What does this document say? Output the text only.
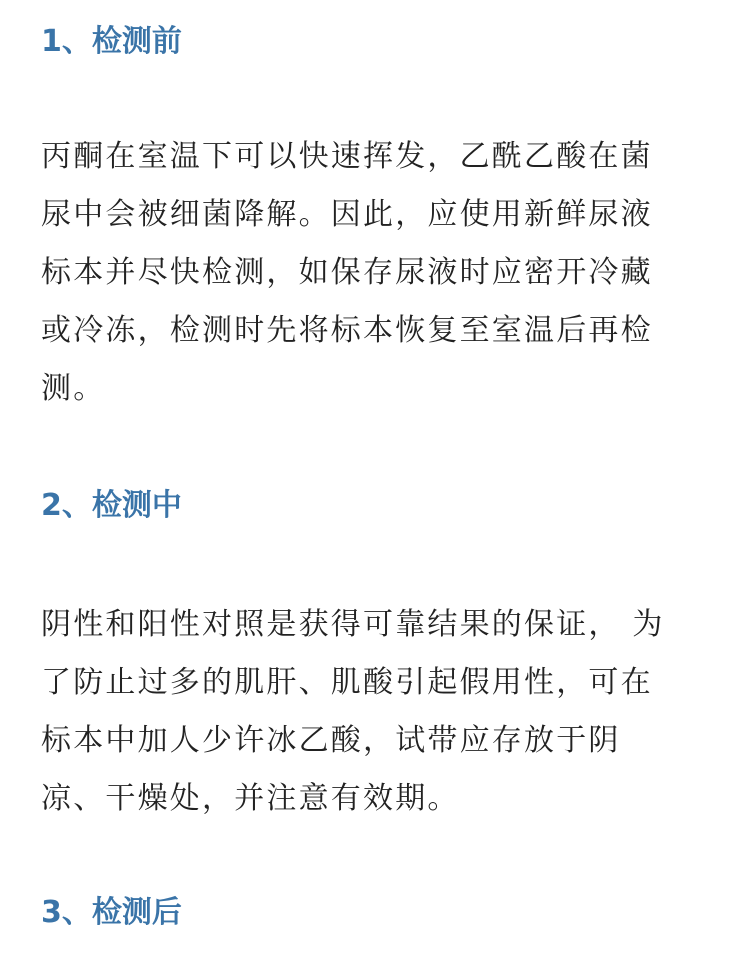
1、检测前
丙酮在室温下可以快速挥发，乙酰乙酸在菌
尿中会被细菌降解。因此，应使用新鲜尿液
标本并尽快检测，如保存尿液时应密开冷藏
或冷冻，检测时先将标本恢复至室温后再检
测。
2、检测中
阴性和阳性对照是获得可靠结果的保证， 为
了防止过多的肌肝、肌酸引起假用性，可在
标本中加人少许冰乙酸，试带应存放于阴
凉、干燥处，并注意有效期。
3、检测后
